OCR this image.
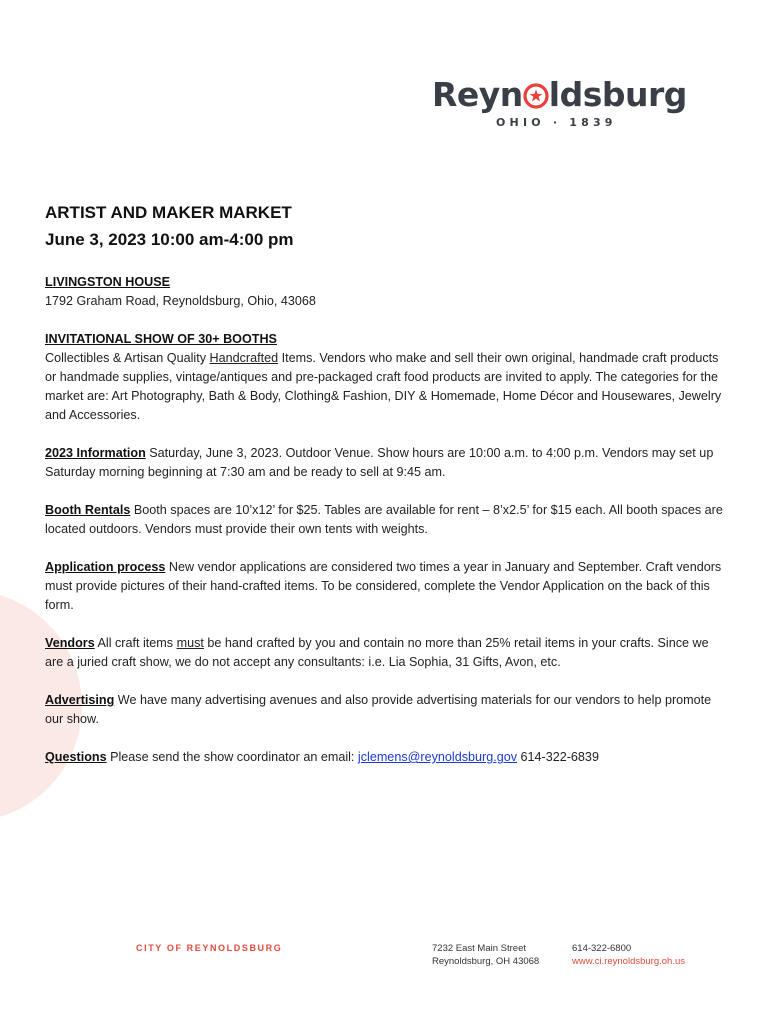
Reyn ldsburg
OHIO · 1839
ARTIST AND MAKER MARKET
June 3, 2023 10:00 am-4:00 pm
LIVINGSTON HOUSE
1792 Graham Road, Reynoldsburg, Ohio, 43068
INVITATIONAL SHOW OF 30+ BOOTHS
Collectibles & Artisan Quality Handcrafted Items. Vendors who make and sell their own original, handmade craft products or handmade supplies, vintage/antiques and pre-packaged craft food products are invited to apply. The categories for the market are: Art Photography, Bath & Body, Clothing& Fashion, DIY & Homemade, Home Décor and Housewares, Jewelry and Accessories.
2023 Information Saturday, June 3, 2023. Outdoor Venue. Show hours are 10:00 a.m. to 4:00 p.m. Vendors may set up Saturday morning beginning at 7:30 am and be ready to sell at 9:45 am.
Booth Rentals Booth spaces are 10’x12’ for $25. Tables are available for rent – 8’x2.5’ for $15 each. All booth spaces are located outdoors. Vendors must provide their own tents with weights.
Application process New vendor applications are considered two times a year in January and September. Craft vendors must provide pictures of their hand-crafted items. To be considered, complete the Vendor Application on the back of this form.
Vendors All craft items must be hand crafted by you and contain no more than 25% retail items in your crafts. Since we are a juried craft show, we do not accept any consultants: i.e. Lia Sophia, 31 Gifts, Avon, etc.
Advertising We have many advertising avenues and also provide advertising materials for our vendors to help promote our show.
Questions Please send the show coordinator an email: jclemens@reynoldsburg.gov 614-322-6839
CITY OF REYNOLDSBURG	7232 East Main Street
Reynoldsburg, OH 43068
614-322-6800
www.ci.reynoldsburg.oh.us
